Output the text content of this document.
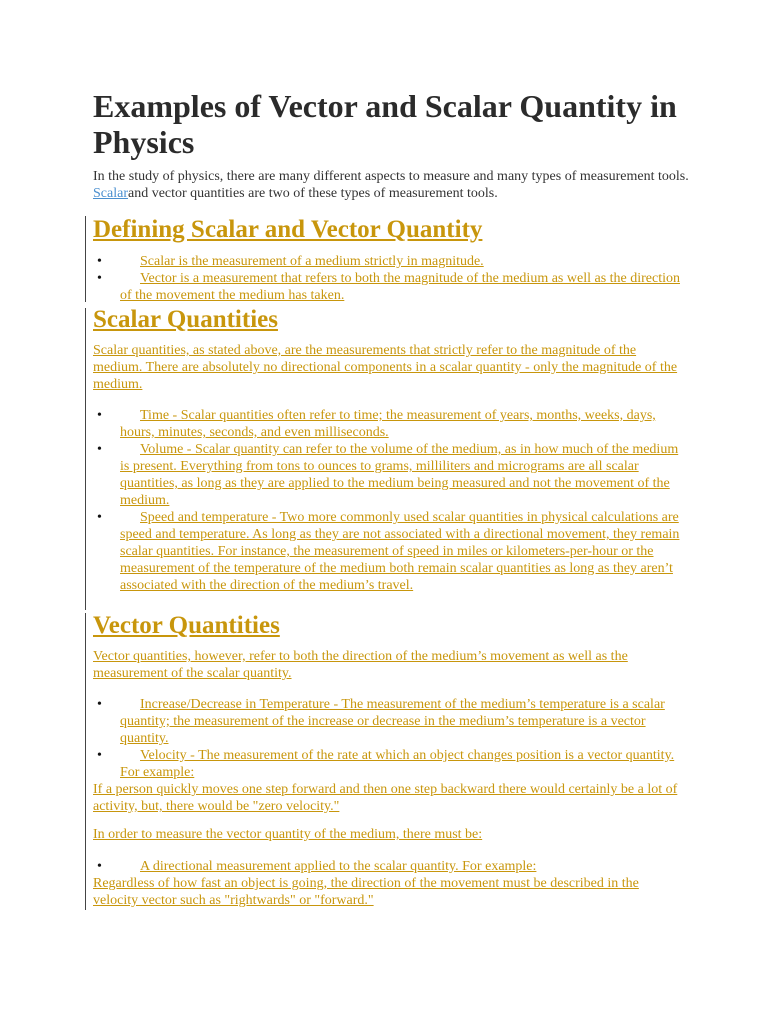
Examples of Vector and Scalar Quantity in Physics
In the study of physics, there are many different aspects to measure and many types of measurement tools. Scalarand vector quantities are two of these types of measurement tools.
Defining Scalar and Vector Quantity
•	Scalar is the measurement of a medium strictly in magnitude.
•	Vector is a measurement that refers to both the magnitude of the medium as well as the direction of the movement the medium has taken.
Scalar Quantities
Scalar quantities, as stated above, are the measurements that strictly refer to the magnitude of the medium. There are absolutely no directional components in a scalar quantity - only the magnitude of the medium.
•	Time - Scalar quantities often refer to time; the measurement of years, months, weeks, days, hours, minutes, seconds, and even milliseconds.
•	Volume - Scalar quantity can refer to the volume of the medium, as in how much of the medium is present. Everything from tons to ounces to grams, milliliters and micrograms are all scalar quantities, as long as they are applied to the medium being measured and not the movement of the medium.
•	Speed and temperature - Two more commonly used scalar quantities in physical calculations are speed and temperature. As long as they are not associated with a directional movement, they remain scalar quantities. For instance, the measurement of speed in miles or kilometers-per-hour or the measurement of the temperature of the medium both remain scalar quantities as long as they aren’t associated with the direction of the medium’s travel.
Vector Quantities
Vector quantities, however, refer to both the direction of the medium’s movement as well as the measurement of the scalar quantity.
•	Increase/Decrease in Temperature - The measurement of the medium’s temperature is a scalar quantity; the measurement of the increase or decrease in the medium’s temperature is a vector quantity.
•	Velocity - The measurement of the rate at which an object changes position is a vector quantity. For example:
If a person quickly moves one step forward and then one step backward there would certainly be a lot of activity, but, there would be "zero velocity."
In order to measure the vector quantity of the medium, there must be:
•	A directional measurement applied to the scalar quantity. For example:
Regardless of how fast an object is going, the direction of the movement must be described in the velocity vector such as "rightwards" or "forward."
